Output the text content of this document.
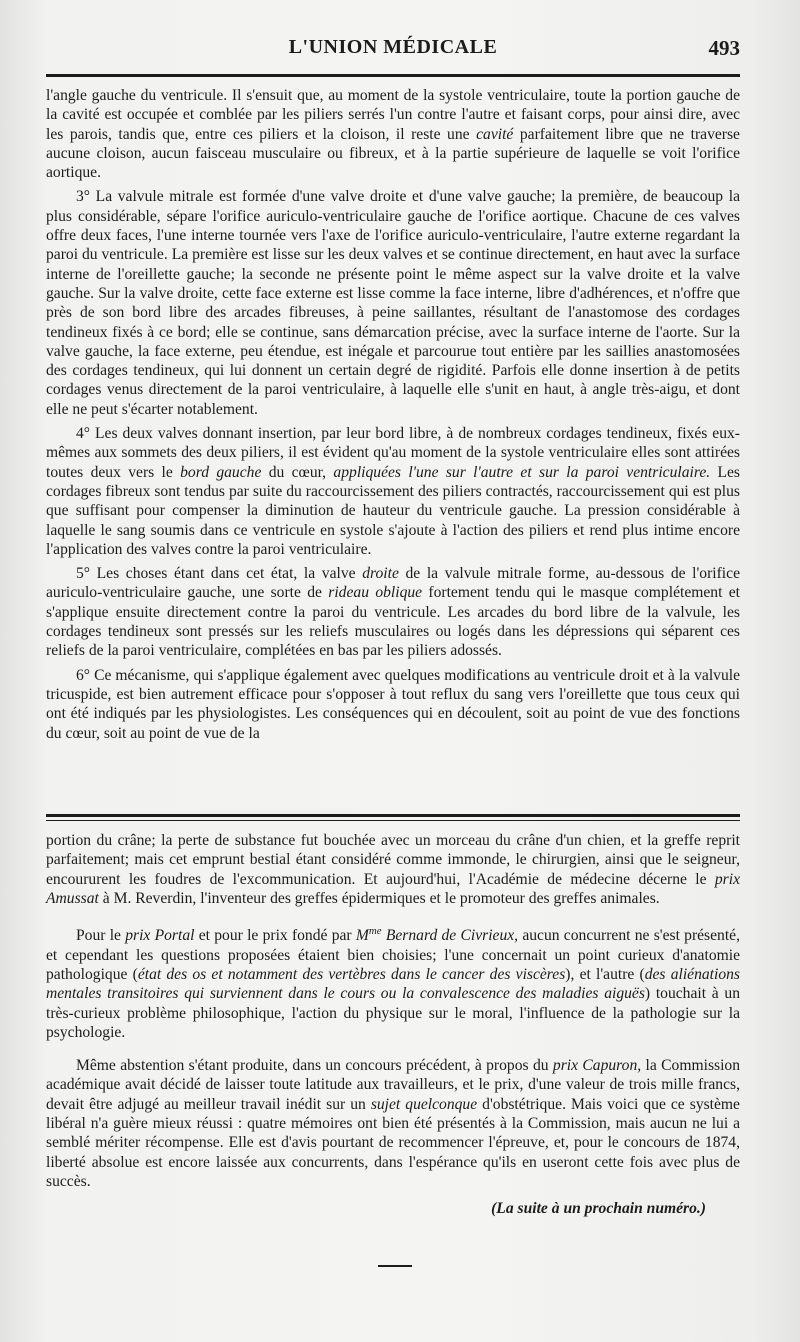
L'UNION MÉDICALE	493

l'angle gauche du ventricule. Il s'ensuit que, au moment de la systole ventriculaire, toute la portion gauche de la cavité est occupée et comblée par les piliers serrés l'un contre l'autre et faisant corps, pour ainsi dire, avec les parois, tandis que, entre ces piliers et la cloison, il reste une cavité parfaitement libre que ne traverse aucune cloison, aucun faisceau musculaire ou fibreux, et à la partie supérieure de laquelle se voit l'orifice aortique.

3° La valvule mitrale est formée d'une valve droite et d'une valve gauche; la première, de beaucoup la plus considérable, sépare l'orifice auriculo-ventriculaire gauche de l'orifice aortique. Chacune de ces valves offre deux faces, l'une interne tournée vers l'axe de l'orifice auriculo-ventriculaire, l'autre externe regardant la paroi du ventricule. La première est lisse sur les deux valves et se continue directement, en haut avec la surface interne de l'oreillette gauche; la seconde ne présente point le même aspect sur la valve droite et la valve gauche. Sur la valve droite, cette face externe est lisse comme la face interne, libre d'adhérences, et n'offre que près de son bord libre des arcades fibreuses, à peine saillantes, résultant de l'anastomose des cordages tendineux fixés à ce bord; elle se continue, sans démarcation précise, avec la surface interne de l'aorte. Sur la valve gauche, la face externe, peu étendue, est inégale et parcourue tout entière par les saillies anastomosées des cordages tendineux, qui lui donnent un certain degré de rigidité. Parfois elle donne insertion à de petits cordages venus directement de la paroi ventriculaire, à laquelle elle s'unit en haut, à angle très-aigu, et dont elle ne peut s'écarter notablement.

4° Les deux valves donnant insertion, par leur bord libre, à de nombreux cordages tendineux, fixés eux-mêmes aux sommets des deux piliers, il est évident qu'au moment de la systole ventriculaire elles sont attirées toutes deux vers le bord gauche du cœur, appliquées l'une sur l'autre et sur la paroi ventriculaire. Les cordages fibreux sont tendus par suite du raccourcissement des piliers contractés, raccourcissement qui est plus que suffisant pour compenser la diminution de hauteur du ventricule gauche. La pression considérable à laquelle le sang soumis dans ce ventricule en systole s'ajoute à l'action des piliers et rend plus intime encore l'application des valves contre la paroi ventriculaire.

5° Les choses étant dans cet état, la valve droite de la valvule mitrale forme, au-dessous de l'orifice auriculo-ventriculaire gauche, une sorte de rideau oblique fortement tendu qui le masque complétement et s'applique ensuite directement contre la paroi du ventricule. Les arcades du bord libre de la valvule, les cordages tendineux sont pressés sur les reliefs musculaires ou logés dans les dépressions qui séparent ces reliefs de la paroi ventriculaire, complétées en bas par les piliers adossés.

6° Ce mécanisme, qui s'applique également avec quelques modifications au ventricule droit et à la valvule tricuspide, est bien autrement efficace pour s'opposer à tout reflux du sang vers l'oreillette que tous ceux qui ont été indiqués par les physiologistes. Les conséquences qui en découlent, soit au point de vue des fonctions du cœur, soit au point de vue de la

portion du crâne; la perte de substance fut bouchée avec un morceau du crâne d'un chien, et la greffe reprit parfaitement; mais cet emprunt bestial étant considéré comme immonde, le chirurgien, ainsi que le seigneur, encoururent les foudres de l'excommunication. Et aujourd'hui, l'Académie de médecine décerne le prix Amussat à M. Reverdin, l'inventeur des greffes épidermiques et le promoteur des greffes animales.

Pour le prix Portal et pour le prix fondé par $M^{me}$ Bernard de Civrieux, aucun concurrent ne s'est présenté, et cependant les questions proposées étaient bien choisies; l'une concernait un point curieux d'anatomie pathologique (état des os et notamment des vertèbres dans le cancer des viscères), et l'autre (des aliénations mentales transitoires qui surviennent dans le cours ou la convalescence des maladies aiguës) touchait à un très-curieux problème philosophique, l'action du physique sur le moral, l'influence de la pathologie sur la psychologie.

Même abstention s'étant produite, dans un concours précédent, à propos du prix Capuron, la Commission académique avait décidé de laisser toute latitude aux travailleurs, et le prix, d'une valeur de trois mille francs, devait être adjugé au meilleur travail inédit sur un sujet quelconque d'obstétrique. Mais voici que ce système libéral n'a guère mieux réussi : quatre mémoires ont bien été présentés à la Commission, mais aucun ne lui a semblé mériter récompense. Elle est d'avis pourtant de recommencer l'épreuve, et, pour le concours de 1874, liberté absolue est encore laissée aux concurrents, dans l'espérance qu'ils en useront cette fois avec plus de succès.

(La suite à un prochain numéro.)
